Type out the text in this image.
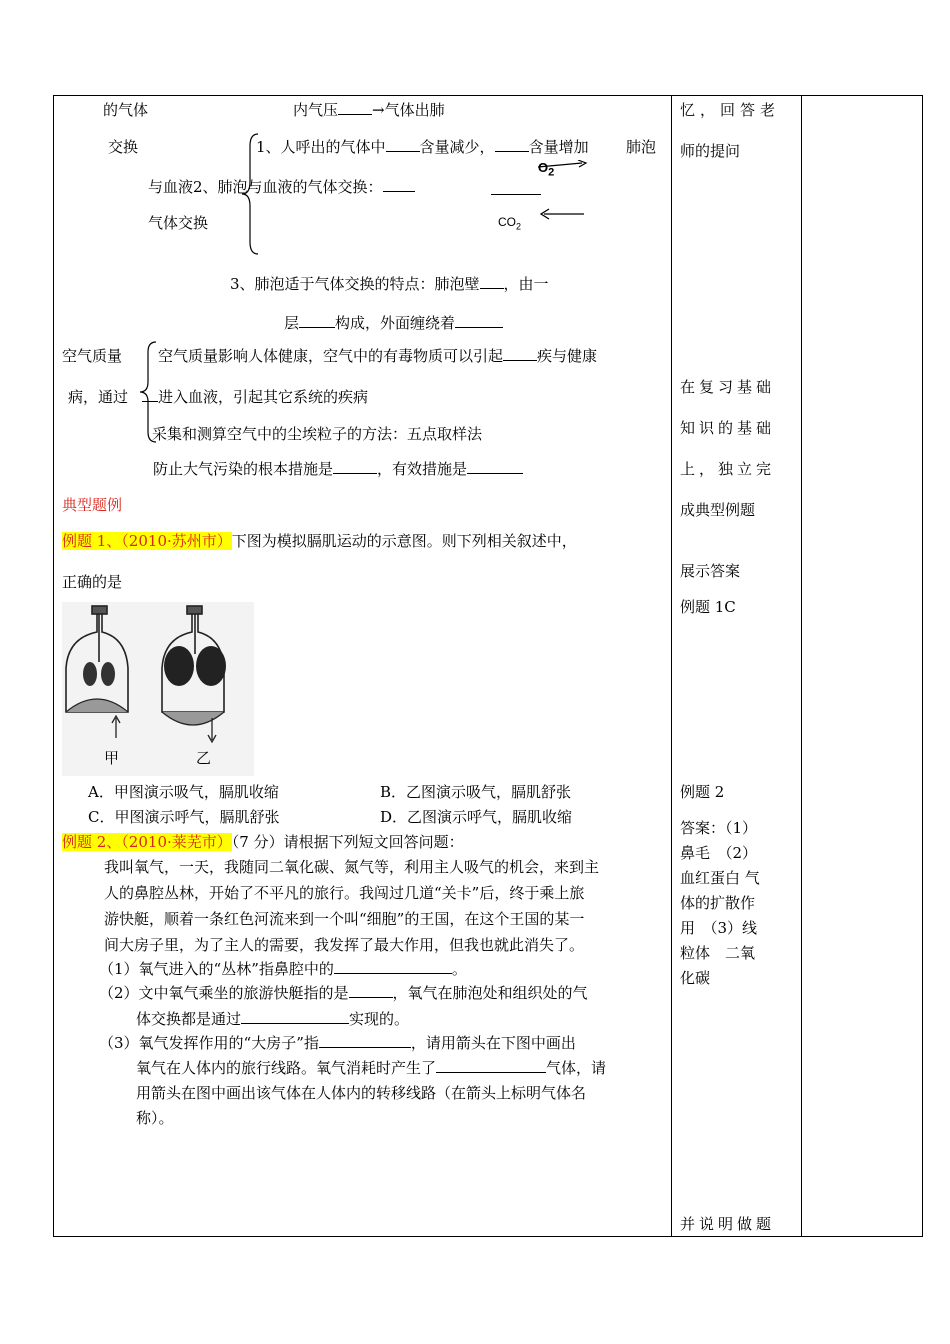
的气体	内气压 →气体出肺
交换	1、人呼出的气体中 含量减少， 含量增加 肺泡
$O_2$
与血液2、肺泡与血液的气体交换：
气体交换	$CO_2$
3、肺泡适于气体交换的特点：肺泡壁 ，由一
层 构成，外面缠绕着
空气质量
病，通过
空气质量影响人体健康，空气中的有毒物质可以引起 疾与健康
进入血液，引起其它系统的疾病
采集和测算空气中的尘埃粒子的方法：五点取样法
防止大气污染的根本措施是	，有效措施是
典型题例
例题 1、（2010·苏州市）下图为模拟膈肌运动的示意图。则下列相关叙述中，
正确的是
甲	乙
A．甲图演示吸气，膈肌收缩	B．乙图演示吸气，膈肌舒张
C．甲图演示呼气，膈肌舒张	D．乙图演示呼气，膈肌收缩
例题 2、（2010·莱芜市）（7 分）请根据下列短文回答问题：
我叫氧气，一天，我随同二氧化碳、氮气等，利用主人吸气的机会，来到主
人的鼻腔丛林，开始了不平凡的旅行。我闯过几道“关卡”后，终于乘上旅
游快艇，顺着一条红色河流来到一个叫“细胞”的王国，在这个王国的某一
间大房子里，为了主人的需要，我发挥了最大作用，但我也就此消失了。
（1）氧气进入的“丛林”指鼻腔中的	。
（2）文中氧气乘坐的旅游快艇指的是	，氧气在肺泡处和组织处的气
体交换都是通过	实现的。
（3）氧气发挥作用的“大房子”指	，请用箭头在下图中画出
氧气在人体内的旅行线路。氧气消耗时产生了	气体，请
用箭头在图中画出该气体在人体内的转移线路（在箭头上标明气体名
称）。
忆，回答老
师的提问
在复习基础
知识的基础
上，独立完
成典型例题
展示答案
例题 1C
例题 2
答案：（1）
鼻毛　（2）
血红蛋白 气
体的扩散作
用　（3）线
粒体　二氧
化碳
并说明做题
